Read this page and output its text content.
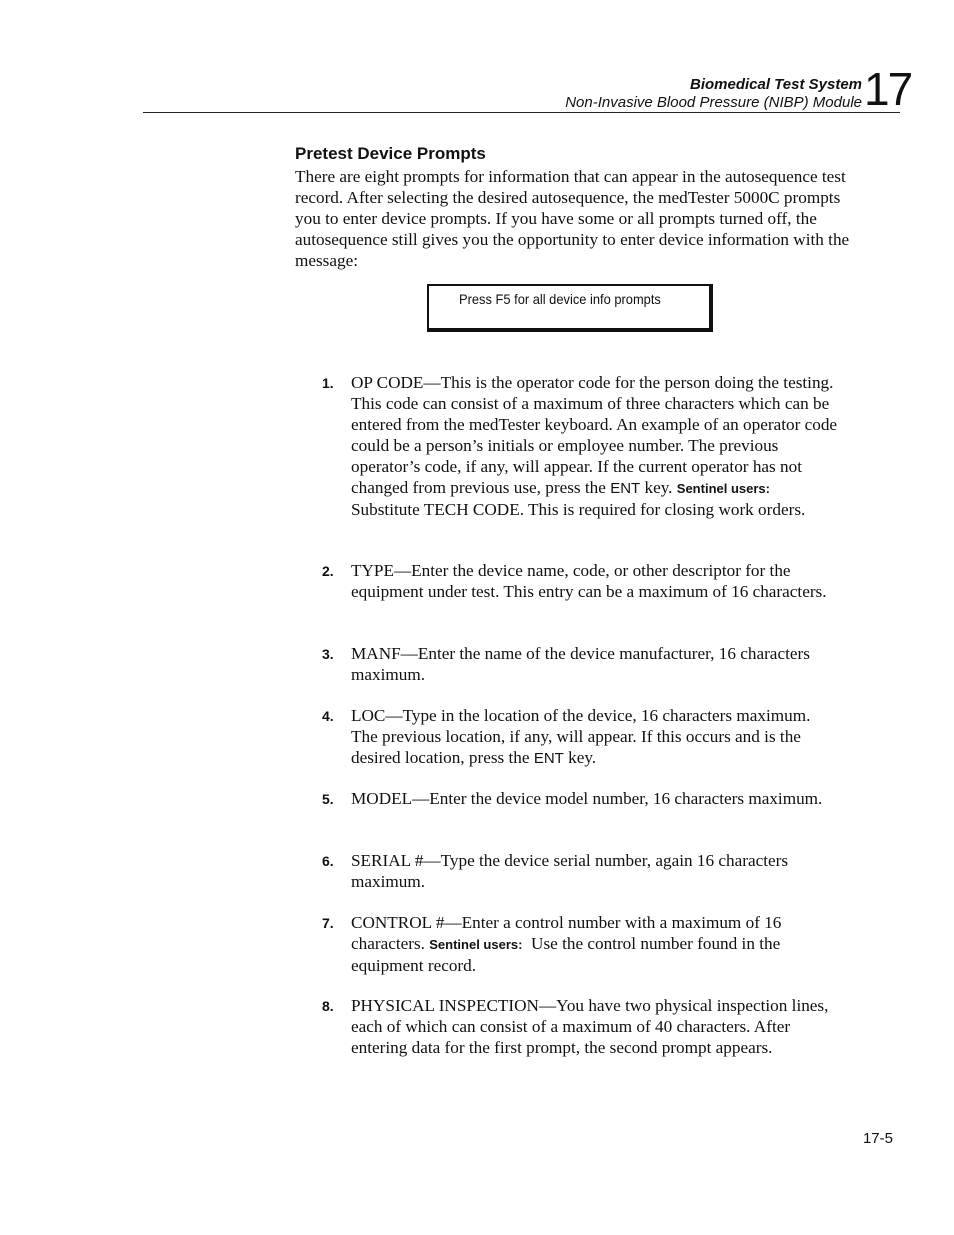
Biomedical Test System
Non-Invasive Blood Pressure (NIBP) Module 17
Pretest Device Prompts

There are eight prompts for information that can appear in the autosequence test record. After selecting the desired autosequence, the medTester 5000C prompts you to enter device prompts. If you have some or all prompts turned off, the autosequence still gives you the opportunity to enter device information with the message:

Press F5 for all device info prompts
1. OP CODE—This is the operator code for the person doing the testing. This code can consist of a maximum of three characters which can be entered from the medTester keyboard. An example of an operator code could be a person’s initials or employee number. The previous operator’s code, if any, will appear. If the current operator has not changed from previous use, press the ENT key. Sentinel users:  Substitute TECH CODE. This is required for closing work orders.

2. TYPE—Enter the device name, code, or other descriptor for the equipment under test. This entry can be a maximum of 16 characters.

3. MANF—Enter the name of the device manufacturer, 16 characters maximum.

4. LOC—Type in the location of the device, 16 characters maximum. The previous location, if any, will appear. If this occurs and is the desired location, press the ENT key.

5. MODEL—Enter the device model number, 16 characters maximum.

6. SERIAL #—Type the device serial number, again 16 characters maximum.

7. CONTROL #—Enter a control number with a maximum of 16 characters. Sentinel users:  Use the control number found in the equipment record.

8. PHYSICAL INSPECTION—You have two physical inspection lines, each of which can consist of a maximum of 40 characters. After entering data for the first prompt, the second prompt appears.

17-5
